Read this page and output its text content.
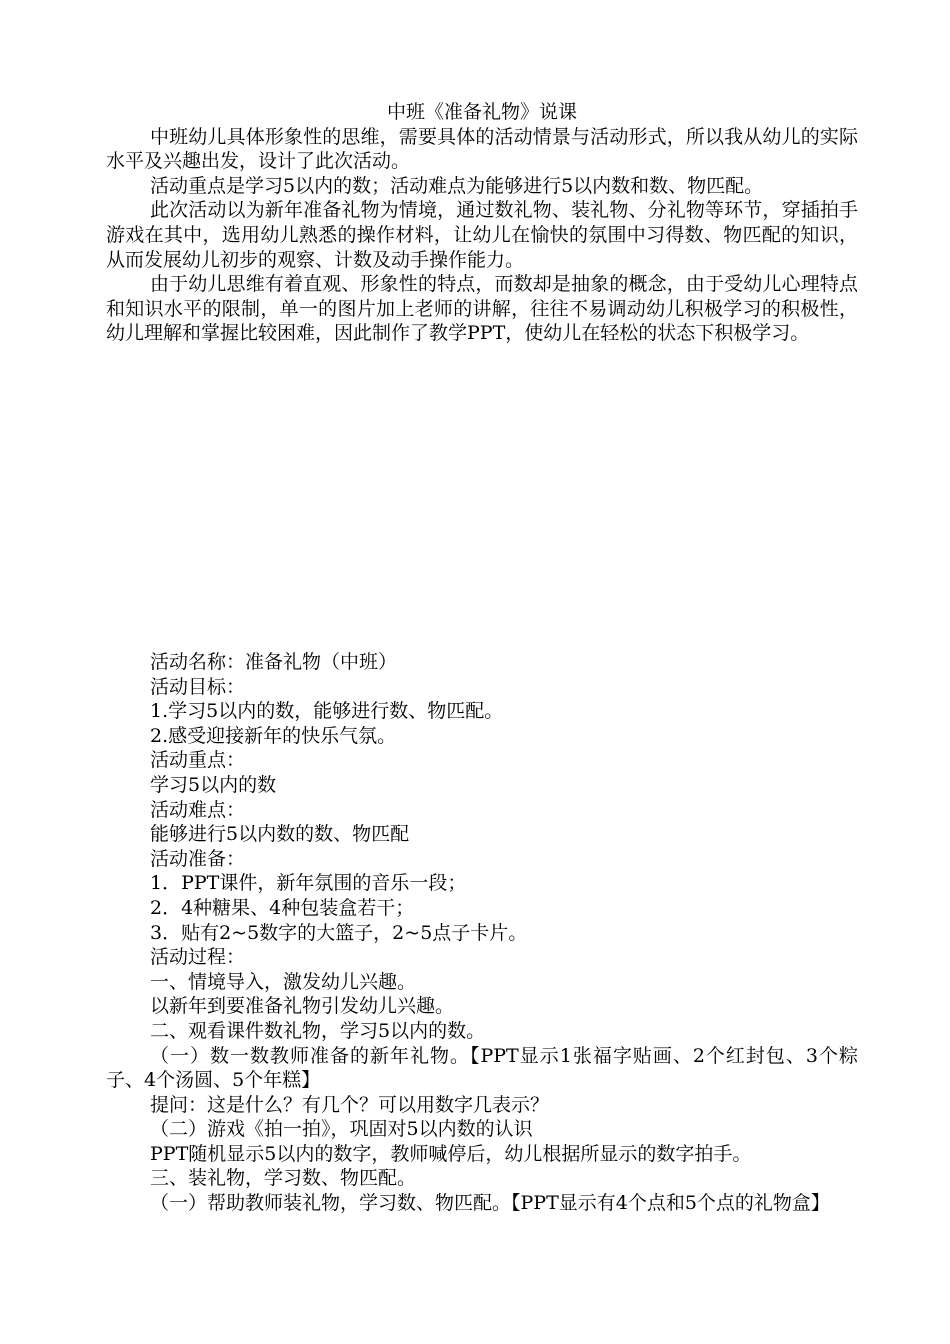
中班《准备礼物》说课

中班幼儿具体形象性的思维，需要具体的活动情景与活动形式，所以我从幼儿的实际水平及兴趣出发，设计了此次活动。

活动重点是学习5以内的数；活动难点为能够进行5以内数和数、物匹配。

此次活动以为新年准备礼物为情境，通过数礼物、装礼物、分礼物等环节，穿插拍手游戏在其中，选用幼儿熟悉的操作材料，让幼儿在愉快的氛围中习得数、物匹配的知识，从而发展幼儿初步的观察、计数及动手操作能力。

由于幼儿思维有着直观、形象性的特点，而数却是抽象的概念，由于受幼儿心理特点和知识水平的限制，单一的图片加上老师的讲解，往往不易调动幼儿积极学习的积极性，幼儿理解和掌握比较困难，因此制作了教学PPT，使幼儿在轻松的状态下积极学习。

活动名称：准备礼物（中班）

活动目标：

1.学习5以内的数，能够进行数、物匹配。

2.感受迎接新年的快乐气氛。

活动重点：

学习5以内的数

活动难点：

能够进行5以内数的数、物匹配

活动准备：

1．PPT课件，新年氛围的音乐一段；

2．4种糖果、4种包装盒若干；

3．贴有2~5数字的大篮子，2~5点子卡片。

活动过程：

一、情境导入，激发幼儿兴趣。

以新年到要准备礼物引发幼儿兴趣。

二、观看课件数礼物，学习5以内的数。

（一）数一数教师准备的新年礼物。【PPT显示1张福字贴画、2个红封包、3个粽子、4个汤圆、5个年糕】

提问：这是什么？有几个？可以用数字几表示？

（二）游戏《拍一拍》，巩固对5以内数的认识

PPT随机显示5以内的数字，教师喊停后，幼儿根据所显示的数字拍手。

三、装礼物，学习数、物匹配。

（一）帮助教师装礼物，学习数、物匹配。【PPT显示有4个点和5个点的礼物盒】
